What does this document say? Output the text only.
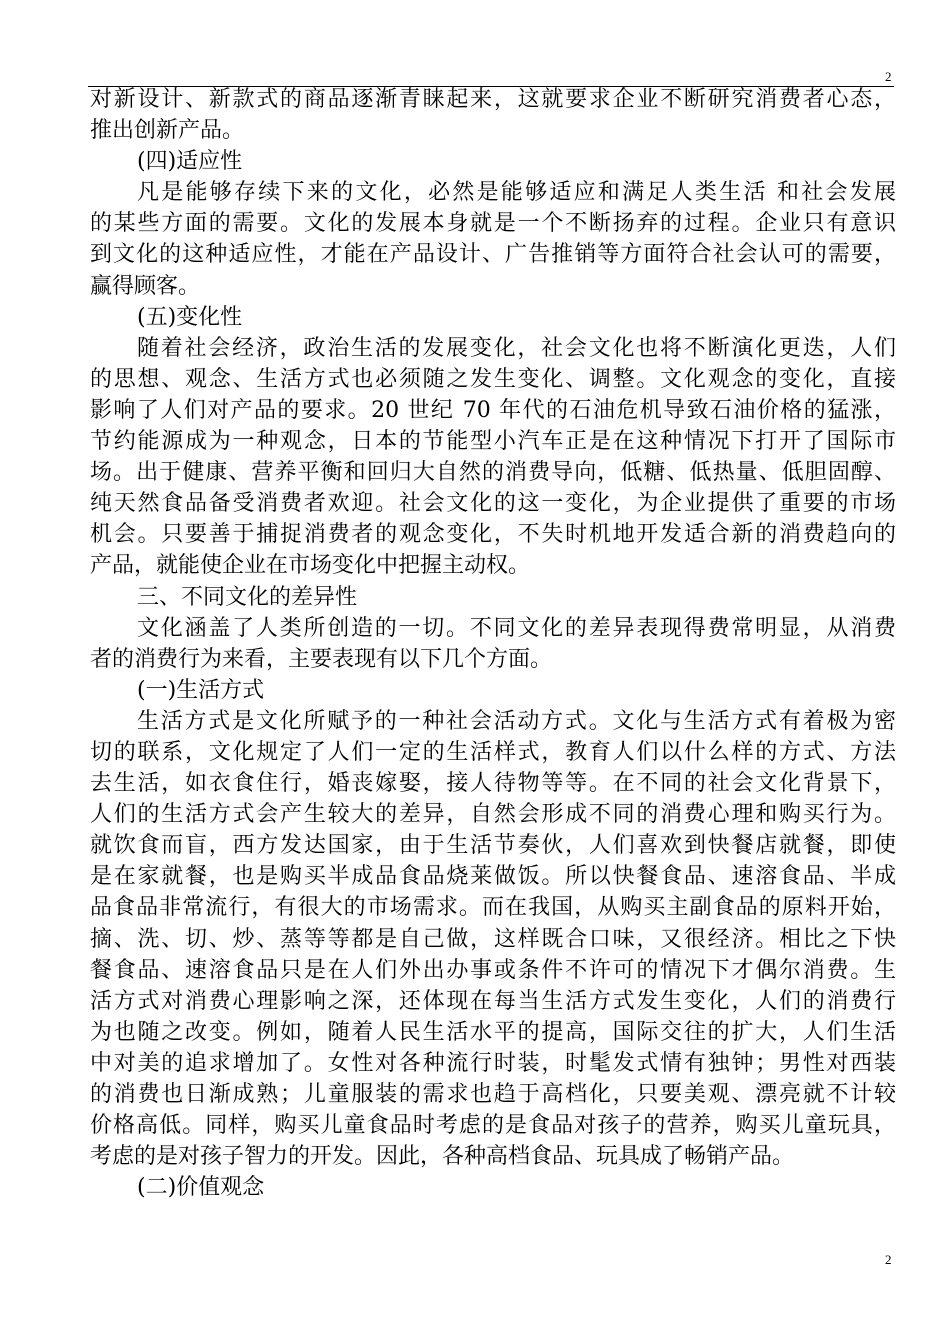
2
对新设计、新款式的商品逐渐青睐起来，这就要求企业不断研究消费者心态，
推出创新产品。
(四)适应性
凡是能够存续下来的文化，必然是能够适应和满足人类生活 和社会发展
的某些方面的需要。文化的发展本身就是一个不断扬弃的过程。企业只有意识
到文化的这种适应性，才能在产品设计、广告推销等方面符合社会认可的需要，
赢得顾客。
(五)变化性
随着社会经济，政治生活的发展变化，社会文化也将不断演化更迭，人们
的思想、观念、生活方式也必须随之发生变化、调整。文化观念的变化，直接
影响了人们对产品的要求。20 世纪 70 年代的石油危机导致石油价格的猛涨，
节约能源成为一种观念，日本的节能型小汽车正是在这种情况下打开了国际市
场。出于健康、营养平衡和回归大自然的消费导向，低糖、低热量、低胆固醇、
纯天然食品备受消费者欢迎。社会文化的这一变化，为企业提供了重要的市场
机会。只要善于捕捉消费者的观念变化，不失时机地开发适合新的消费趋向的
产品，就能使企业在市场变化中把握主动权。
三、不同文化的差异性
文化涵盖了人类所创造的一切。不同文化的差异表现得费常明显，从消费
者的消费行为来看，主要表现有以下几个方面。
(一)生活方式
生活方式是文化所赋予的一种社会活动方式。文化与生活方式有着极为密
切的联系，文化规定了人们一定的生活样式，教育人们以什么样的方式、方法
去生活，如衣食住行，婚丧嫁娶，接人待物等等。在不同的社会文化背景下，
人们的生活方式会产生较大的差异，自然会形成不同的消费心理和购买行为。
就饮食而盲，西方发达国家，由于生活节奏伙，人们喜欢到快餐店就餐，即使
是在家就餐，也是购买半成品食品烧莱做饭。所以快餐食品、速溶食品、半成
品食品非常流行，有很大的市场需求。而在我国，从购买主副食品的原料开始，
摘、洗、切、炒、蒸等等都是自己做，这样既合口味，又很经济。相比之下快
餐食品、速溶食品只是在人们外出办事或条件不许可的情况下才偶尔消费。生
活方式对消费心理影响之深，还体现在每当生活方式发生变化，人们的消费行
为也随之改变。例如，随着人民生活水平的提高，国际交往的扩大，人们生活
中对美的追求增加了。女性对各种流行时装，时髦发式情有独钟；男性对西装
的消费也日渐成熟；儿童服装的需求也趋于高档化，只要美观、漂亮就不计较
价格高低。同样，购买儿童食品时考虑的是食品对孩子的营养，购买儿童玩具，
考虑的是对孩子智力的开发。因此，各种高档食品、玩具成了畅销产品。
(二)价值观念
2
